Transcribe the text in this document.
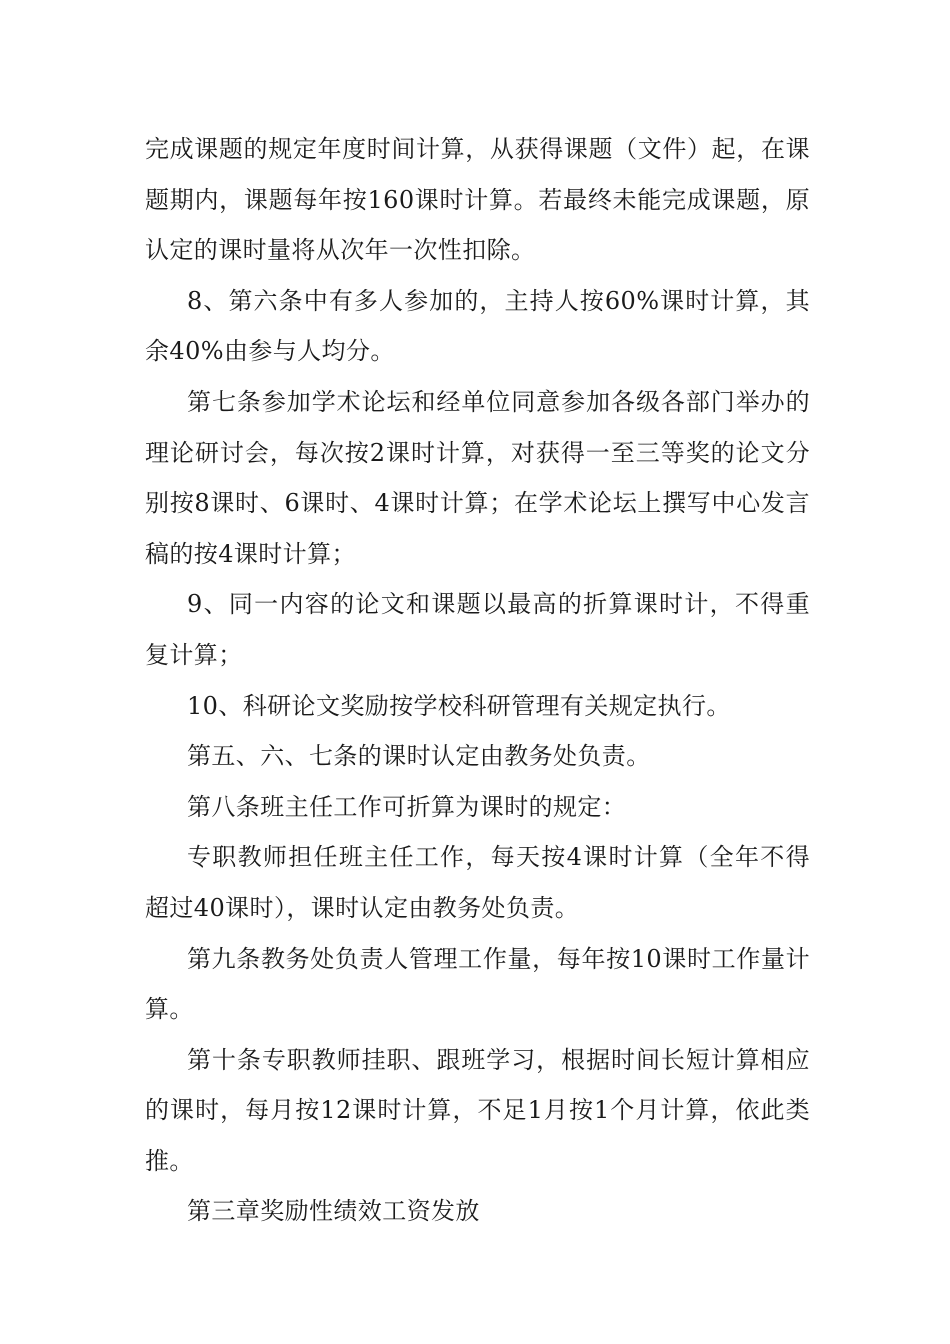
完成课题的规定年度时间计算，从获得课题（文件）起，在课题期内，课题每年按160课时计算。若最终未能完成课题，原认定的课时量将从次年一次性扣除。

8、第六条中有多人参加的，主持人按60%课时计算，其余40%由参与人均分。

第七条参加学术论坛和经单位同意参加各级各部门举办的理论研讨会，每次按2课时计算，对获得一至三等奖的论文分别按8课时、6课时、4课时计算；在学术论坛上撰写中心发言稿的按4课时计算；

9、同一内容的论文和课题以最高的折算课时计，不得重复计算；

10、科研论文奖励按学校科研管理有关规定执行。

第五、六、七条的课时认定由教务处负责。

第八条班主任工作可折算为课时的规定：

专职教师担任班主任工作，每天按4课时计算（全年不得超过40课时），课时认定由教务处负责。

第九条教务处负责人管理工作量，每年按10课时工作量计算。

第十条专职教师挂职、跟班学习，根据时间长短计算相应的课时，每月按12课时计算，不足1月按1个月计算，依此类推。

第三章奖励性绩效工资发放
